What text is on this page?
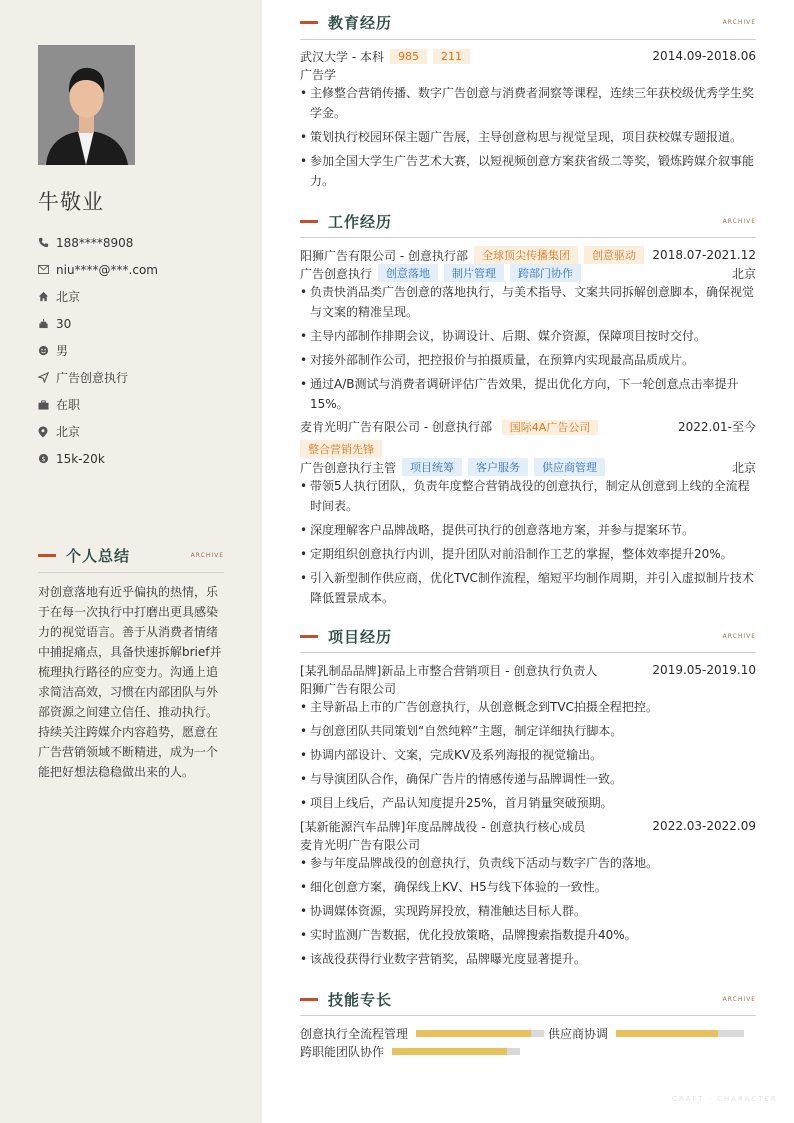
牛敬业
188****8908
niu****@***.com
北京
30
男
广告创意执行
在职
北京
$ 15k-20k
个人总结	ARCHIVE
对创意落地有近乎偏执的热情，乐于在每一次执行中打磨出更具感染力的视觉语言。善于从消费者情绪中捕捉痛点，具备快速拆解brief并梳理执行路径的应变力。沟通上追求简洁高效，习惯在内部团队与外部资源之间建立信任、推动执行。持续关注跨媒介内容趋势，愿意在广告营销领域不断精进，成为一个能把好想法稳稳做出来的人。
教育经历	ARCHIVE
武汉大学 - 本科	985	211	2014.09-2018.06
广告学
• 主修整合营销传播、数字广告创意与消费者洞察等课程，连续三年获校级优秀学生奖学金。
• 策划执行校园环保主题广告展，主导创意构思与视觉呈现，项目获校媒专题报道。
• 参加全国大学生广告艺术大赛，以短视频创意方案获省级二等奖，锻炼跨媒介叙事能力。
工作经历	ARCHIVE
阳狮广告有限公司 - 创意执行部	全球顶尖传播集团	创意驱动	2018.07-2021.12
广告创意执行	创意落地	制片管理	跨部门协作	北京
• 负责快消品类广告创意的落地执行，与美术指导、文案共同拆解创意脚本，确保视觉与文案的精准呈现。
• 主导内部制作排期会议，协调设计、后期、媒介资源，保障项目按时交付。
• 对接外部制作公司，把控报价与拍摄质量，在预算内实现最高品质成片。
• 通过A/B测试与消费者调研评估广告效果，提出优化方向，下一轮创意点击率提升15%。
麦肯光明广告有限公司 - 创意执行部 国际4A广告公司	2022.01-至今
整合营销先锋
广告创意执行主管	项目统筹	客户服务	供应商管理	北京
• 带领5人执行团队，负责年度整合营销战役的创意执行，制定从创意到上线的全流程时间表。
• 深度理解客户品牌战略，提供可执行的创意落地方案，并参与提案环节。
• 定期组织创意执行内训，提升团队对前沿制作工艺的掌握，整体效率提升20%。
• 引入新型制作供应商，优化TVC制作流程，缩短平均制作周期，并引入虚拟制片技术降低置景成本。
项目经历	ARCHIVE
[某乳制品品牌]新品上市整合营销项目 - 创意执行负责人	2019.05-2019.10
阳狮广告有限公司
• 主导新品上市的广告创意执行，从创意概念到TVC拍摄全程把控。
• 与创意团队共同策划“自然纯粹”主题，制定详细执行脚本。
• 协调内部设计、文案，完成KV及系列海报的视觉输出。
• 与导演团队合作，确保广告片的情感传递与品牌调性一致。
• 项目上线后，产品认知度提升25%，首月销量突破预期。
[某新能源汽车品牌]年度品牌战役 - 创意执行核心成员	2022.03-2022.09
麦肯光明广告有限公司
• 参与年度品牌战役的创意执行，负责线下活动与数字广告的落地。
• 细化创意方案，确保线上KV、H5与线下体验的一致性。
• 协调媒体资源，实现跨屏投放，精准触达目标人群。
• 实时监测广告数据，优化投放策略，品牌搜索指数提升40%。
• 该战役获得行业数字营销奖，品牌曝光度显著提升。
技能专长	ARCHIVE
创意执行全流程管理	供应商协调
跨职能团队协作
CRAFT · CHARACTER
